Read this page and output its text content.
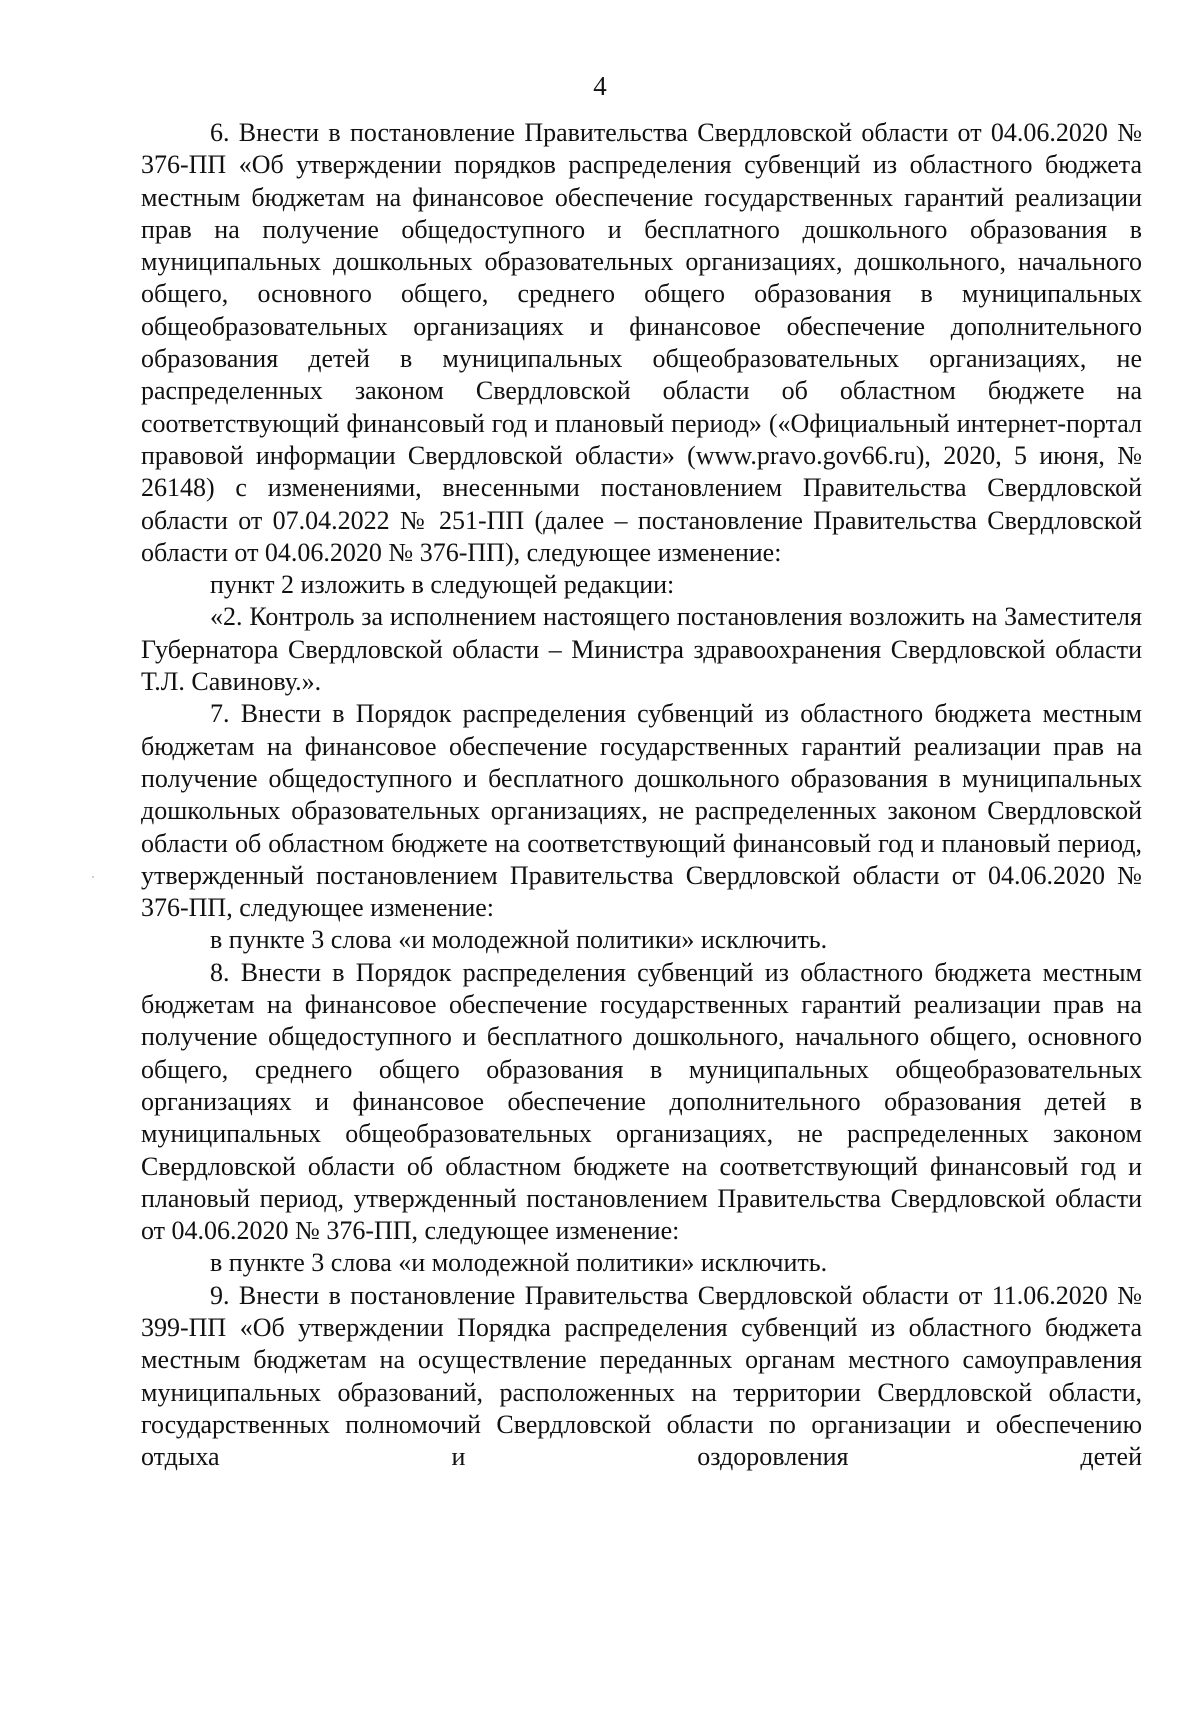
4

6. Внести в постановление Правительства Свердловской области от 04.06.2020 № 376-ПП «Об утверждении порядков распределения субвенций из областного бюджета местным бюджетам на финансовое обеспечение государственных гарантий реализации прав на получение общедоступного и бесплатного дошкольного образования в муниципальных дошкольных образовательных организациях, дошкольного, начального общего, основного общего, среднего общего образования в муниципальных общеобразовательных организациях и финансовое обеспечение дополнительного образования детей в муниципальных общеобразовательных организациях, не распределенных законом Свердловской области об областном бюджете на соответствующий финансовый год и плановый период» («Официальный интернет-портал правовой информации Свердловской области» (www.pravo.gov66.ru), 2020, 5 июня, № 26148) с изменениями, внесенными постановлением Правительства Свердловской области от 07.04.2022 № 251-ПП (далее – постановление Правительства Свердловской области от 04.06.2020 № 376-ПП), следующее изменение:

пункт 2 изложить в следующей редакции:

«2. Контроль за исполнением настоящего постановления возложить на Заместителя Губернатора Свердловской области – Министра здравоохранения Свердловской области Т.Л. Савинову.».

7. Внести в Порядок распределения субвенций из областного бюджета местным бюджетам на финансовое обеспечение государственных гарантий реализации прав на получение общедоступного и бесплатного дошкольного образования в муниципальных дошкольных образовательных организациях, не распределенных законом Свердловской области об областном бюджете на соответствующий финансовый год и плановый период, утвержденный постановлением Правительства Свердловской области от 04.06.2020 № 376-ПП, следующее изменение:

в пункте 3 слова «и молодежной политики» исключить.

8. Внести в Порядок распределения субвенций из областного бюджета местным бюджетам на финансовое обеспечение государственных гарантий реализации прав на получение общедоступного и бесплатного дошкольного, начального общего, основного общего, среднего общего образования в муниципальных общеобразовательных организациях и финансовое обеспечение дополнительного образования детей в муниципальных общеобразовательных организациях, не распределенных законом Свердловской области об областном бюджете на соответствующий финансовый год и плановый период, утвержденный постановлением Правительства Свердловской области от 04.06.2020 № 376-ПП, следующее изменение:

в пункте 3 слова «и молодежной политики» исключить.

9. Внести в постановление Правительства Свердловской области от 11.06.2020 № 399-ПП «Об утверждении Порядка распределения субвенций из областного бюджета местным бюджетам на осуществление переданных органам местного самоуправления муниципальных образований, расположенных на территории Свердловской области, государственных полномочий Свердловской области по организации и обеспечению отдыха и оздоровления детей
